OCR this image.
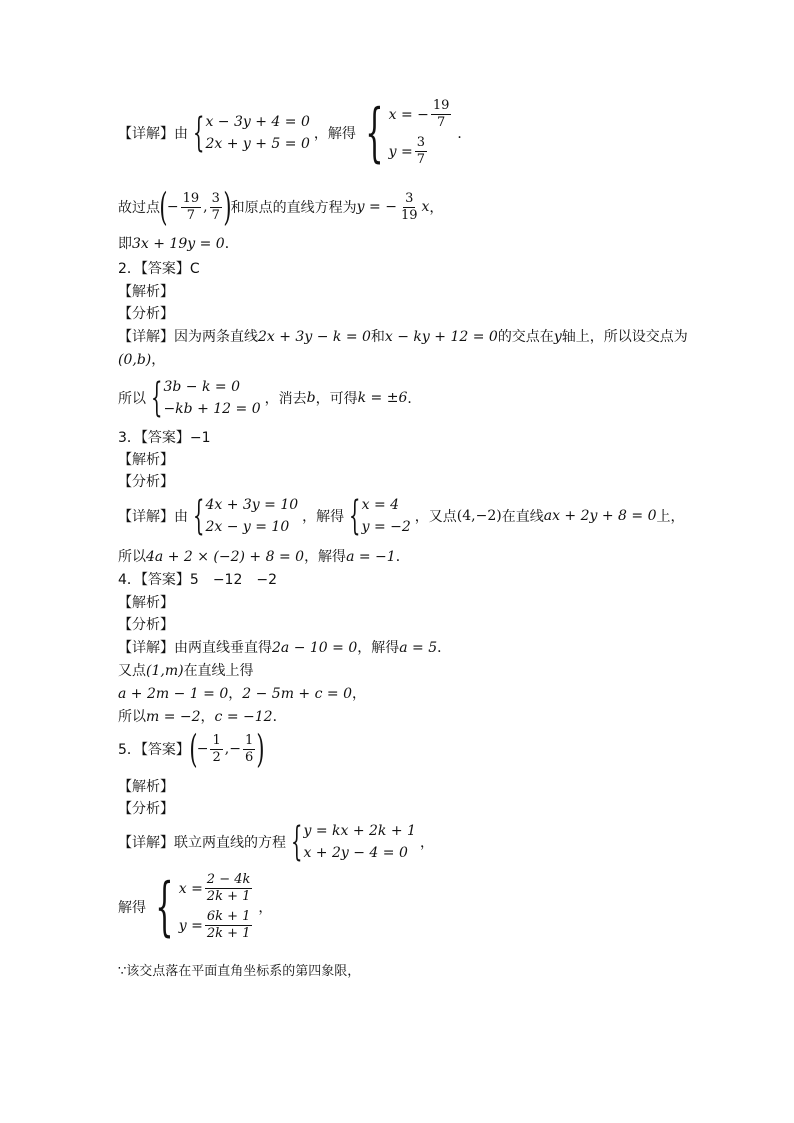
【详解】由 { x − 3y + 4 = 0
2x + y + 5 = 0
，解得 { x = − $\frac{19}{7}$
$y = \frac{3}{7}$
．
故过点 ( − $\frac{19}{7}$ , $\frac{3}{7}$ ) 和原点的直线方程为 y = − $\frac{3}{19}$ x ，
即3x + 19y = 0．
2．【答案】C
【解析】
【分析】
【详解】因为两条直线2x + 3y − k = 0和x − ky + 12 = 0的交点在y轴上，所以设交点为
(0,b)，
所以 { 3b − k = 0
−kb + 12 = 0
，消去 b ，可得 k = ±6 ．
3．【答案】−1
【解析】
【分析】
【详解】由 { 4x + 3y = 10
2x − y = 10
，解得 { x = 4
y = −2
，又点 (4,−2) 在直线 ax + 2y + 8 = 0 上，
所以4a + 2 × (−2) + 8 = 0，解得a = −1．
4．【答案】5　−12　−2
【解析】
【分析】
【详解】由两直线垂直得2a − 10 = 0，解得a = 5．
又点(1,m)在直线上得
a + 2m − 1 = 0，2 − 5m + c = 0，
所以m = −2，c = −12．
5．【答案】 ( − $\frac{1}{2}$ , − $\frac{1}{6}$ )
【解析】
【分析】
【详解】联立两直线的方程 { y = kx + 2k + 1
x + 2y − 4 = 0
，
解得 { $x = \frac{2 - 4k}{2k + 1}$
$y = \frac{6k + 1}{2k + 1}$
，
∵该交点落在平面直角坐标系的第四象限，
